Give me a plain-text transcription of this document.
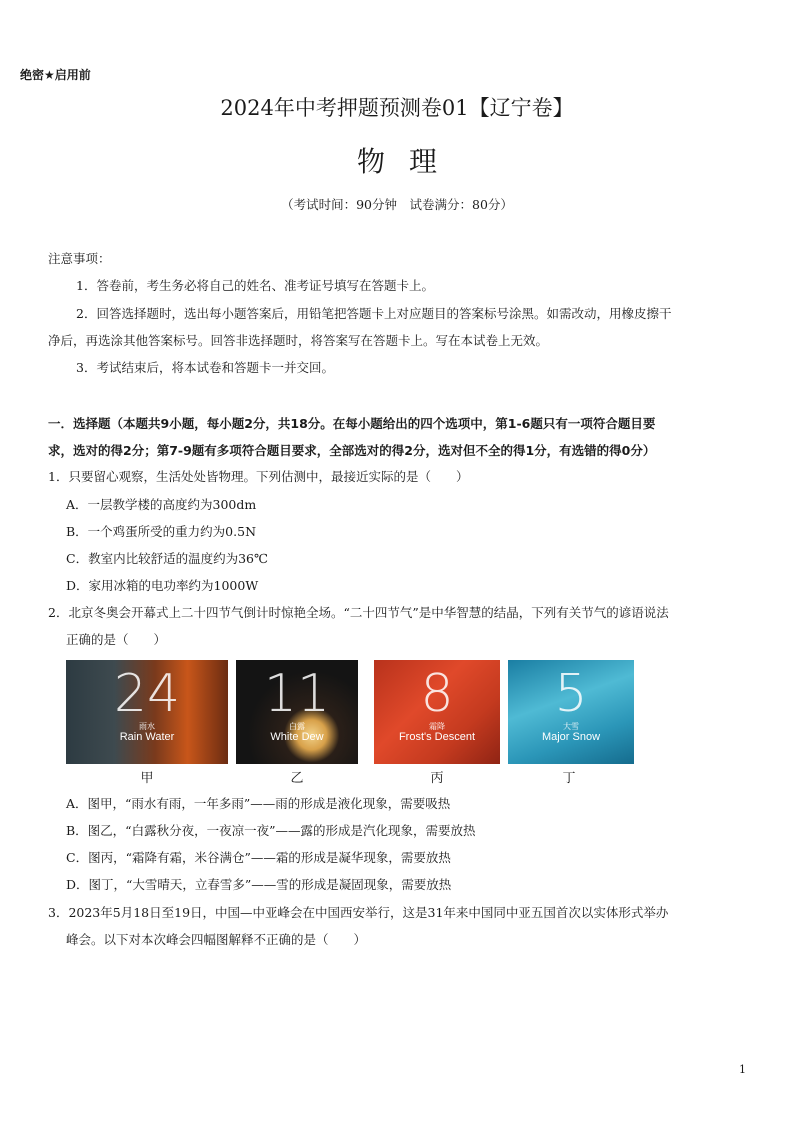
绝密★启用前
2024年中考押题预测卷01【辽宁卷】
物理
（考试时间：90分钟　试卷满分：80分）
注意事项：
1．答卷前，考生务必将自己的姓名、准考证号填写在答题卡上。
2．回答选择题时，选出每小题答案后，用铅笔把答题卡上对应题目的答案标号涂黑。如需改动，用橡皮擦干
净后，再选涂其他答案标号。回答非选择题时，将答案写在答题卡上。写在本试卷上无效。
3．考试结束后，将本试卷和答题卡一并交回。
一．选择题（本题共9小题，每小题2分，共18分。在每小题给出的四个选项中，第1-6题只有一项符合题目要
求，选对的得2分；第7-9题有多项符合题目要求，全部选对的得2分，选对但不全的得1分，有选错的得0分）
1．只要留心观察，生活处处皆物理。下列估测中，最接近实际的是（　　）
A．一层教学楼的高度约为300dm
B．一个鸡蛋所受的重力约为0.5N
C．教室内比较舒适的温度约为36℃
D．家用冰箱的电功率约为1000W
2．北京冬奥会开幕式上二十四节气倒计时惊艳全场。“二十四节气”是中华智慧的结晶，下列有关节气的谚语说法
正确的是（　　）
24
雨水
Rain Water
11
白露
White Dew
8
霜降
Frost's Descent
5
大雪
Major Snow
甲	乙	丙	丁
A．图甲，“雨水有雨，一年多雨”——雨的形成是液化现象，需要吸热
B．图乙，“白露秋分夜，一夜凉一夜”——露的形成是汽化现象，需要放热
C．图丙，“霜降有霜，米谷满仓”——霜的形成是凝华现象，需要放热
D．图丁，“大雪晴天，立春雪多”——雪的形成是凝固现象，需要放热
3．2023年5月18日至19日，中国—中亚峰会在中国西安举行，这是31年来中国同中亚五国首次以实体形式举办
峰会。以下对本次峰会四幅图解释不正确的是（　　）
1
